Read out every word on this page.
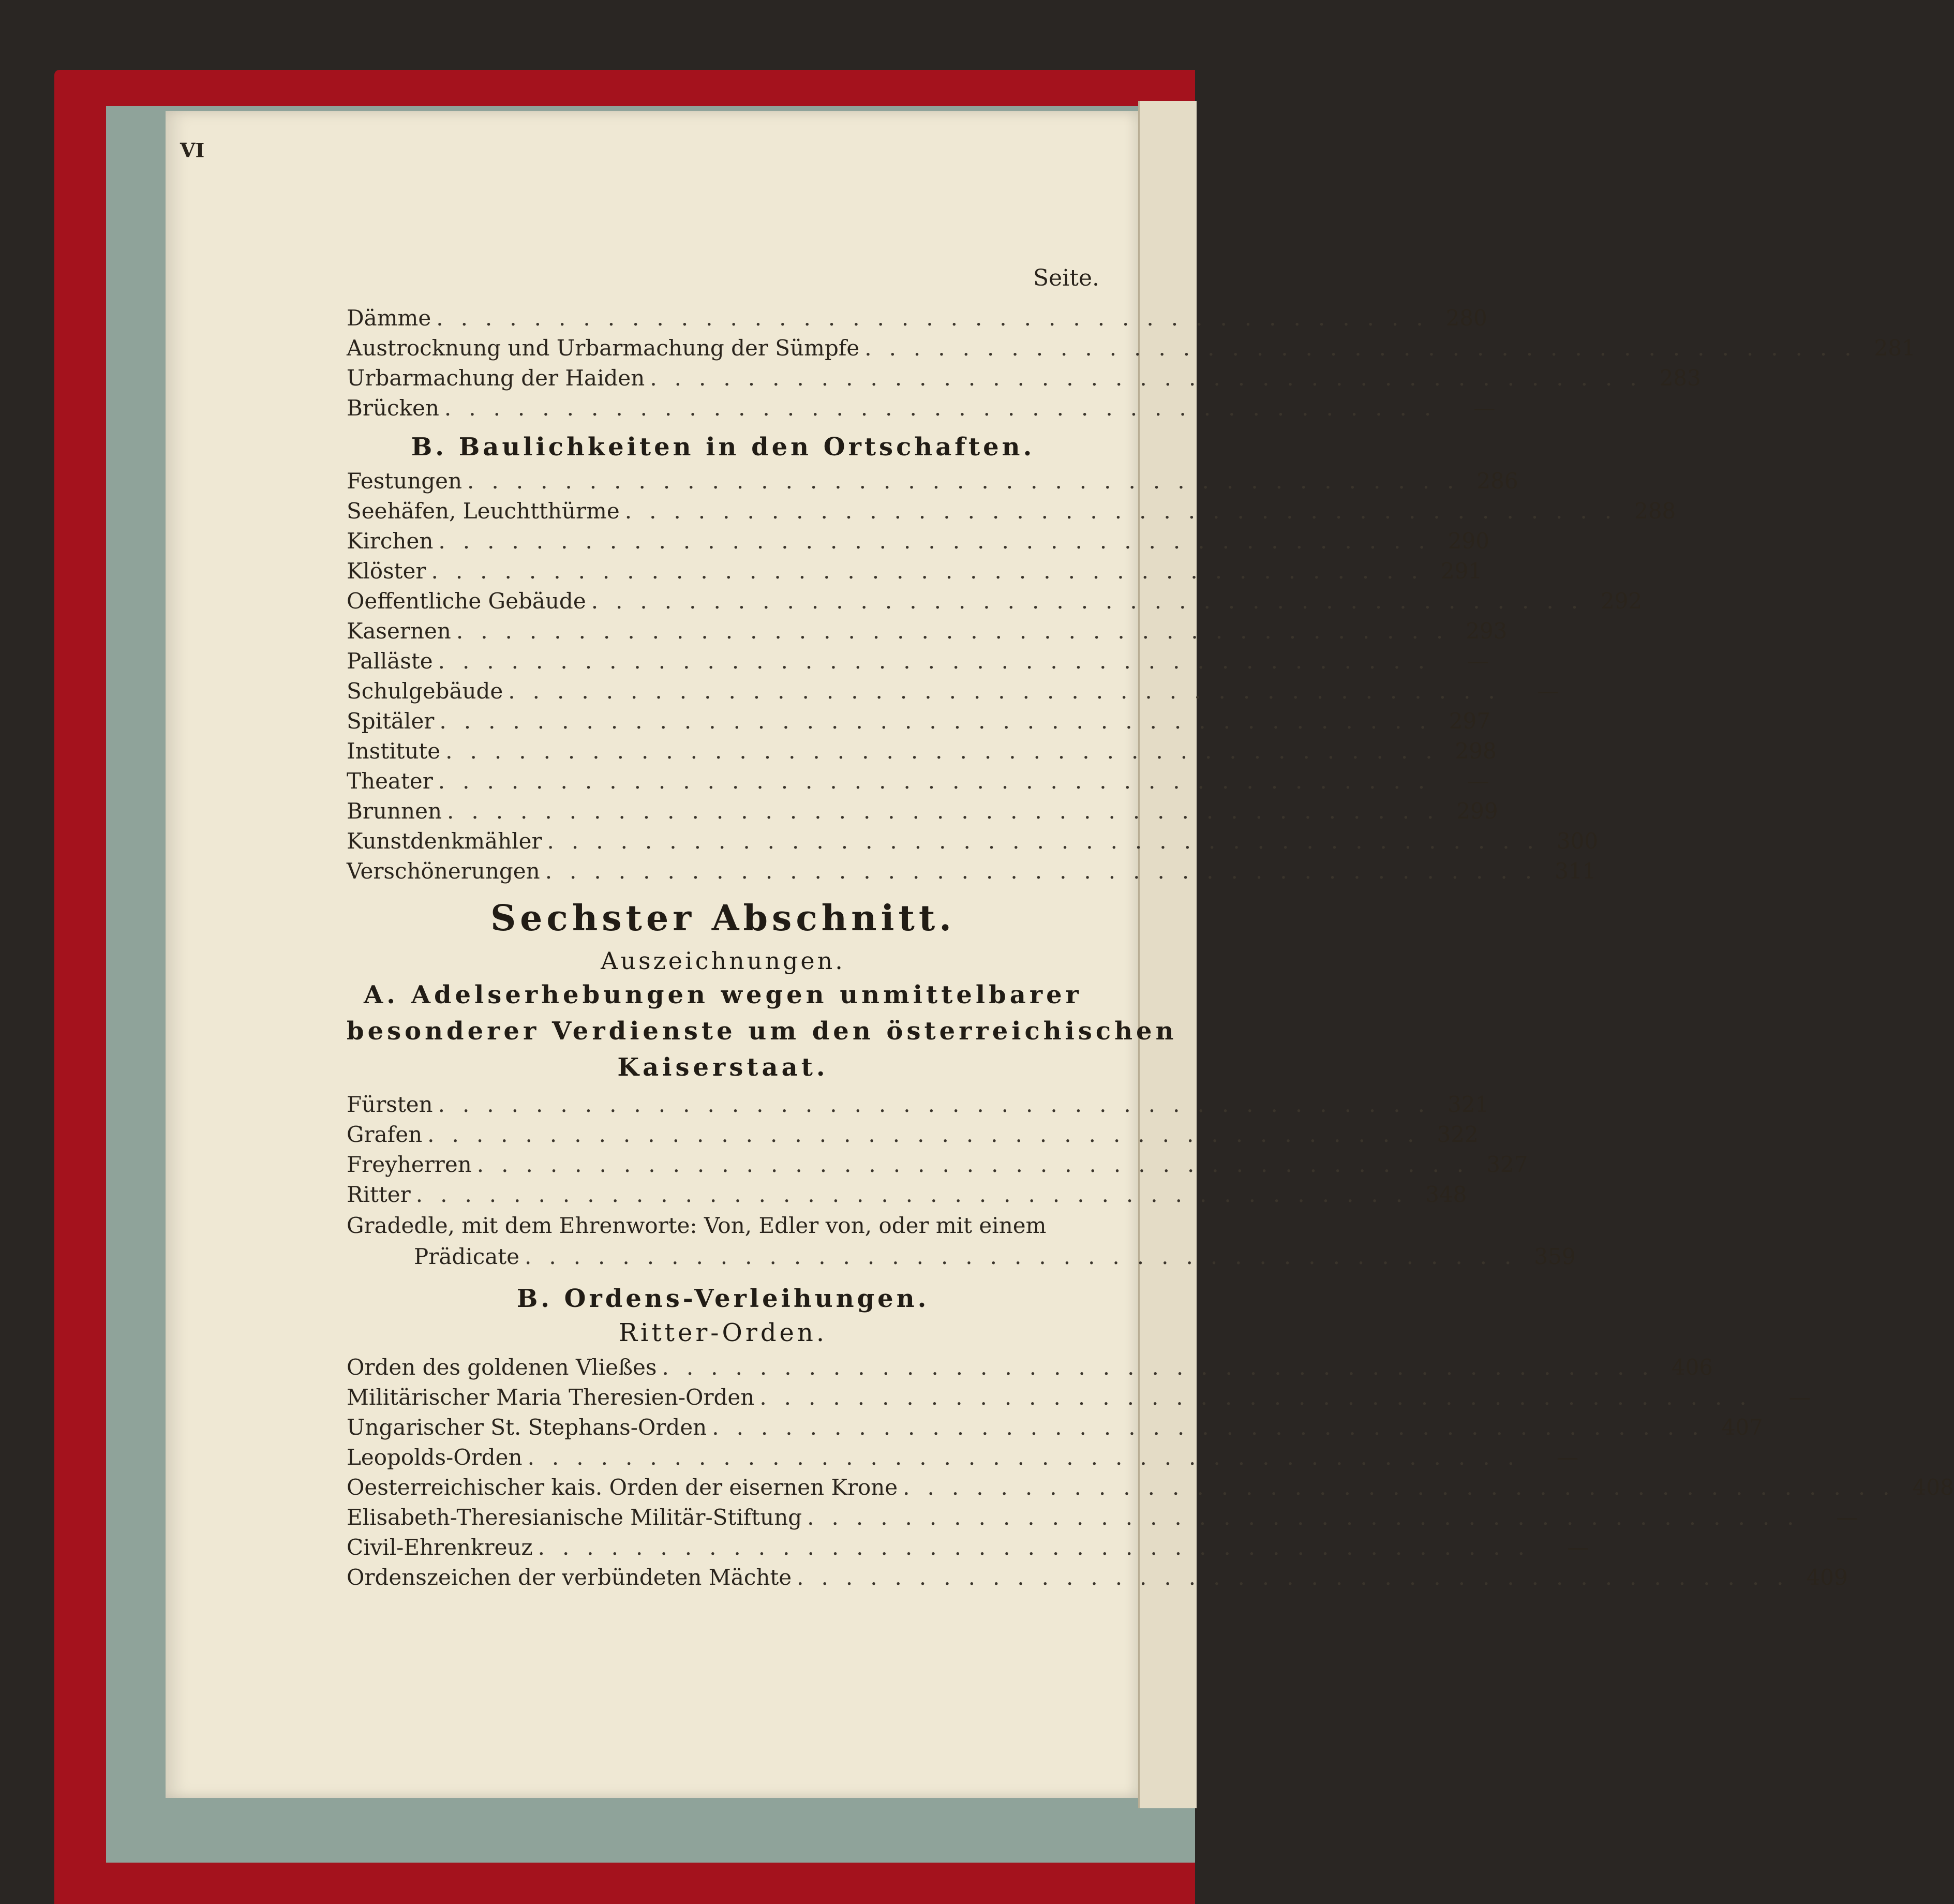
VI
Seite.
Dämme ......................................... 280
Austrocknung und Urbarmachung der Sümpfe ......................................... 281
Urbarmachung der Haiden ......................................... 283
Brücken .........................................	—
B. Baulichkeiten in den Ortschaften.
Festungen ......................................... 286
Seehäfen, Leuchtthürme ......................................... 288
Kirchen ......................................... 290
Klöster ......................................... 291
Oeffentliche Gebäude ......................................... 292
Kasernen ......................................... 293
Palläste .........................................	—
Schulgebäude .........................................	—
Spitäler ......................................... 297
Institute ......................................... 298
Theater .........................................	—
Brunnen ......................................... 299
Kunstdenkmähler ......................................... 300
Verschönerungen ......................................... 311
Sechster Abschnitt.
Auszeichnungen.
A. Adelserhebungen wegen unmittelbarer
besonderer Verdienste um den österreichischen
Kaiserstaat.
Fürsten ......................................... 321
Grafen ......................................... 322
Freyherren ......................................... 327
Ritter ......................................... 348
Gradedle, mit dem Ehrenworte: Von, Edler von, oder mit einem
Prädicate ......................................... 359
B. Ordens-Verleihungen.
Ritter-Orden.
Orden des goldenen Vließes ......................................... 406
Militärischer Maria Theresien-Orden .........................................	—
Ungarischer St. Stephans-Orden ......................................... 407
Leopolds-Orden .........................................	—
Oesterreichischer kais. Orden der eisernen Krone ......................................... 408
Elisabeth-Theresianische Militär-Stiftung .........................................	—
Civil-Ehrenkreuz .........................................	—
Ordenszeichen der verbündeten Mächte ......................................... 409
